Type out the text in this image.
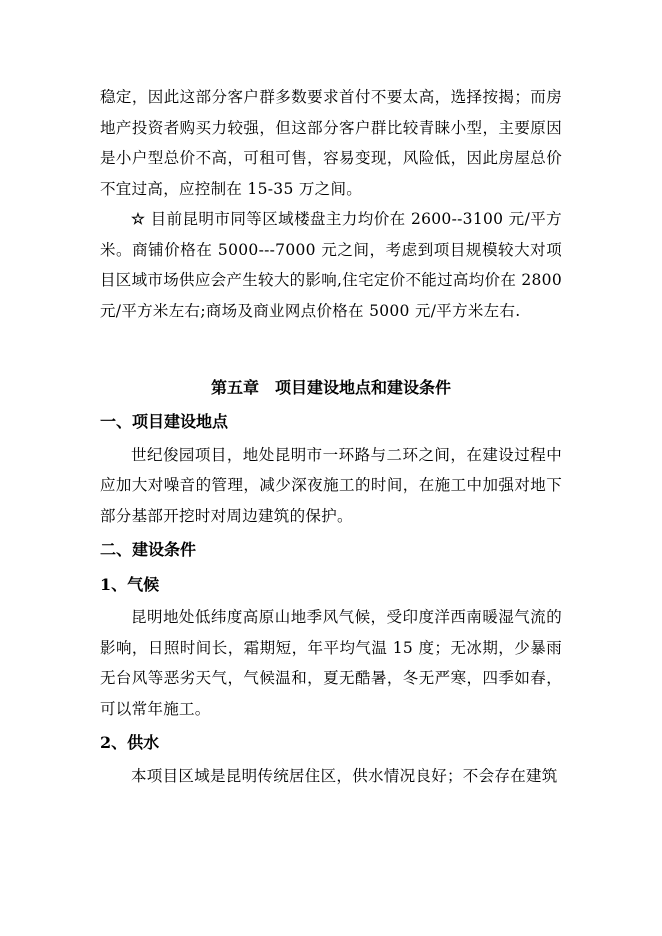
稳定，因此这部分客户群多数要求首付不要太高，选择按揭；而房地产投资者购买力较强，但这部分客户群比较青睐小型，主要原因是小户型总价不高，可租可售，容易变现，风险低，因此房屋总价不宜过高，应控制在 15-35 万之间。

☆ 目前昆明市同等区域楼盘主力均价在 2600--3100 元/平方米。商铺价格在 5000---7000 元之间，考虑到项目规模较大对项目区域市场供应会产生较大的影响,住宅定价不能过高均价在 2800 元/平方米左右;商场及商业网点价格在 5000 元/平方米左右.

第五章　项目建设地点和建设条件

一、项目建设地点

世纪俊园项目，地处昆明市一环路与二环之间，在建设过程中应加大对噪音的管理，减少深夜施工的时间，在施工中加强对地下部分基部开挖时对周边建筑的保护。

二、建设条件

1、气候

昆明地处低纬度高原山地季风气候，受印度洋西南暖湿气流的影响，日照时间长，霜期短，年平均气温 15 度；无冰期，少暴雨无台风等恶劣天气，气候温和，夏无酷暑，冬无严寒，四季如春，可以常年施工。

2、供水

本项目区域是昆明传统居住区，供水情况良好；不会存在建筑
